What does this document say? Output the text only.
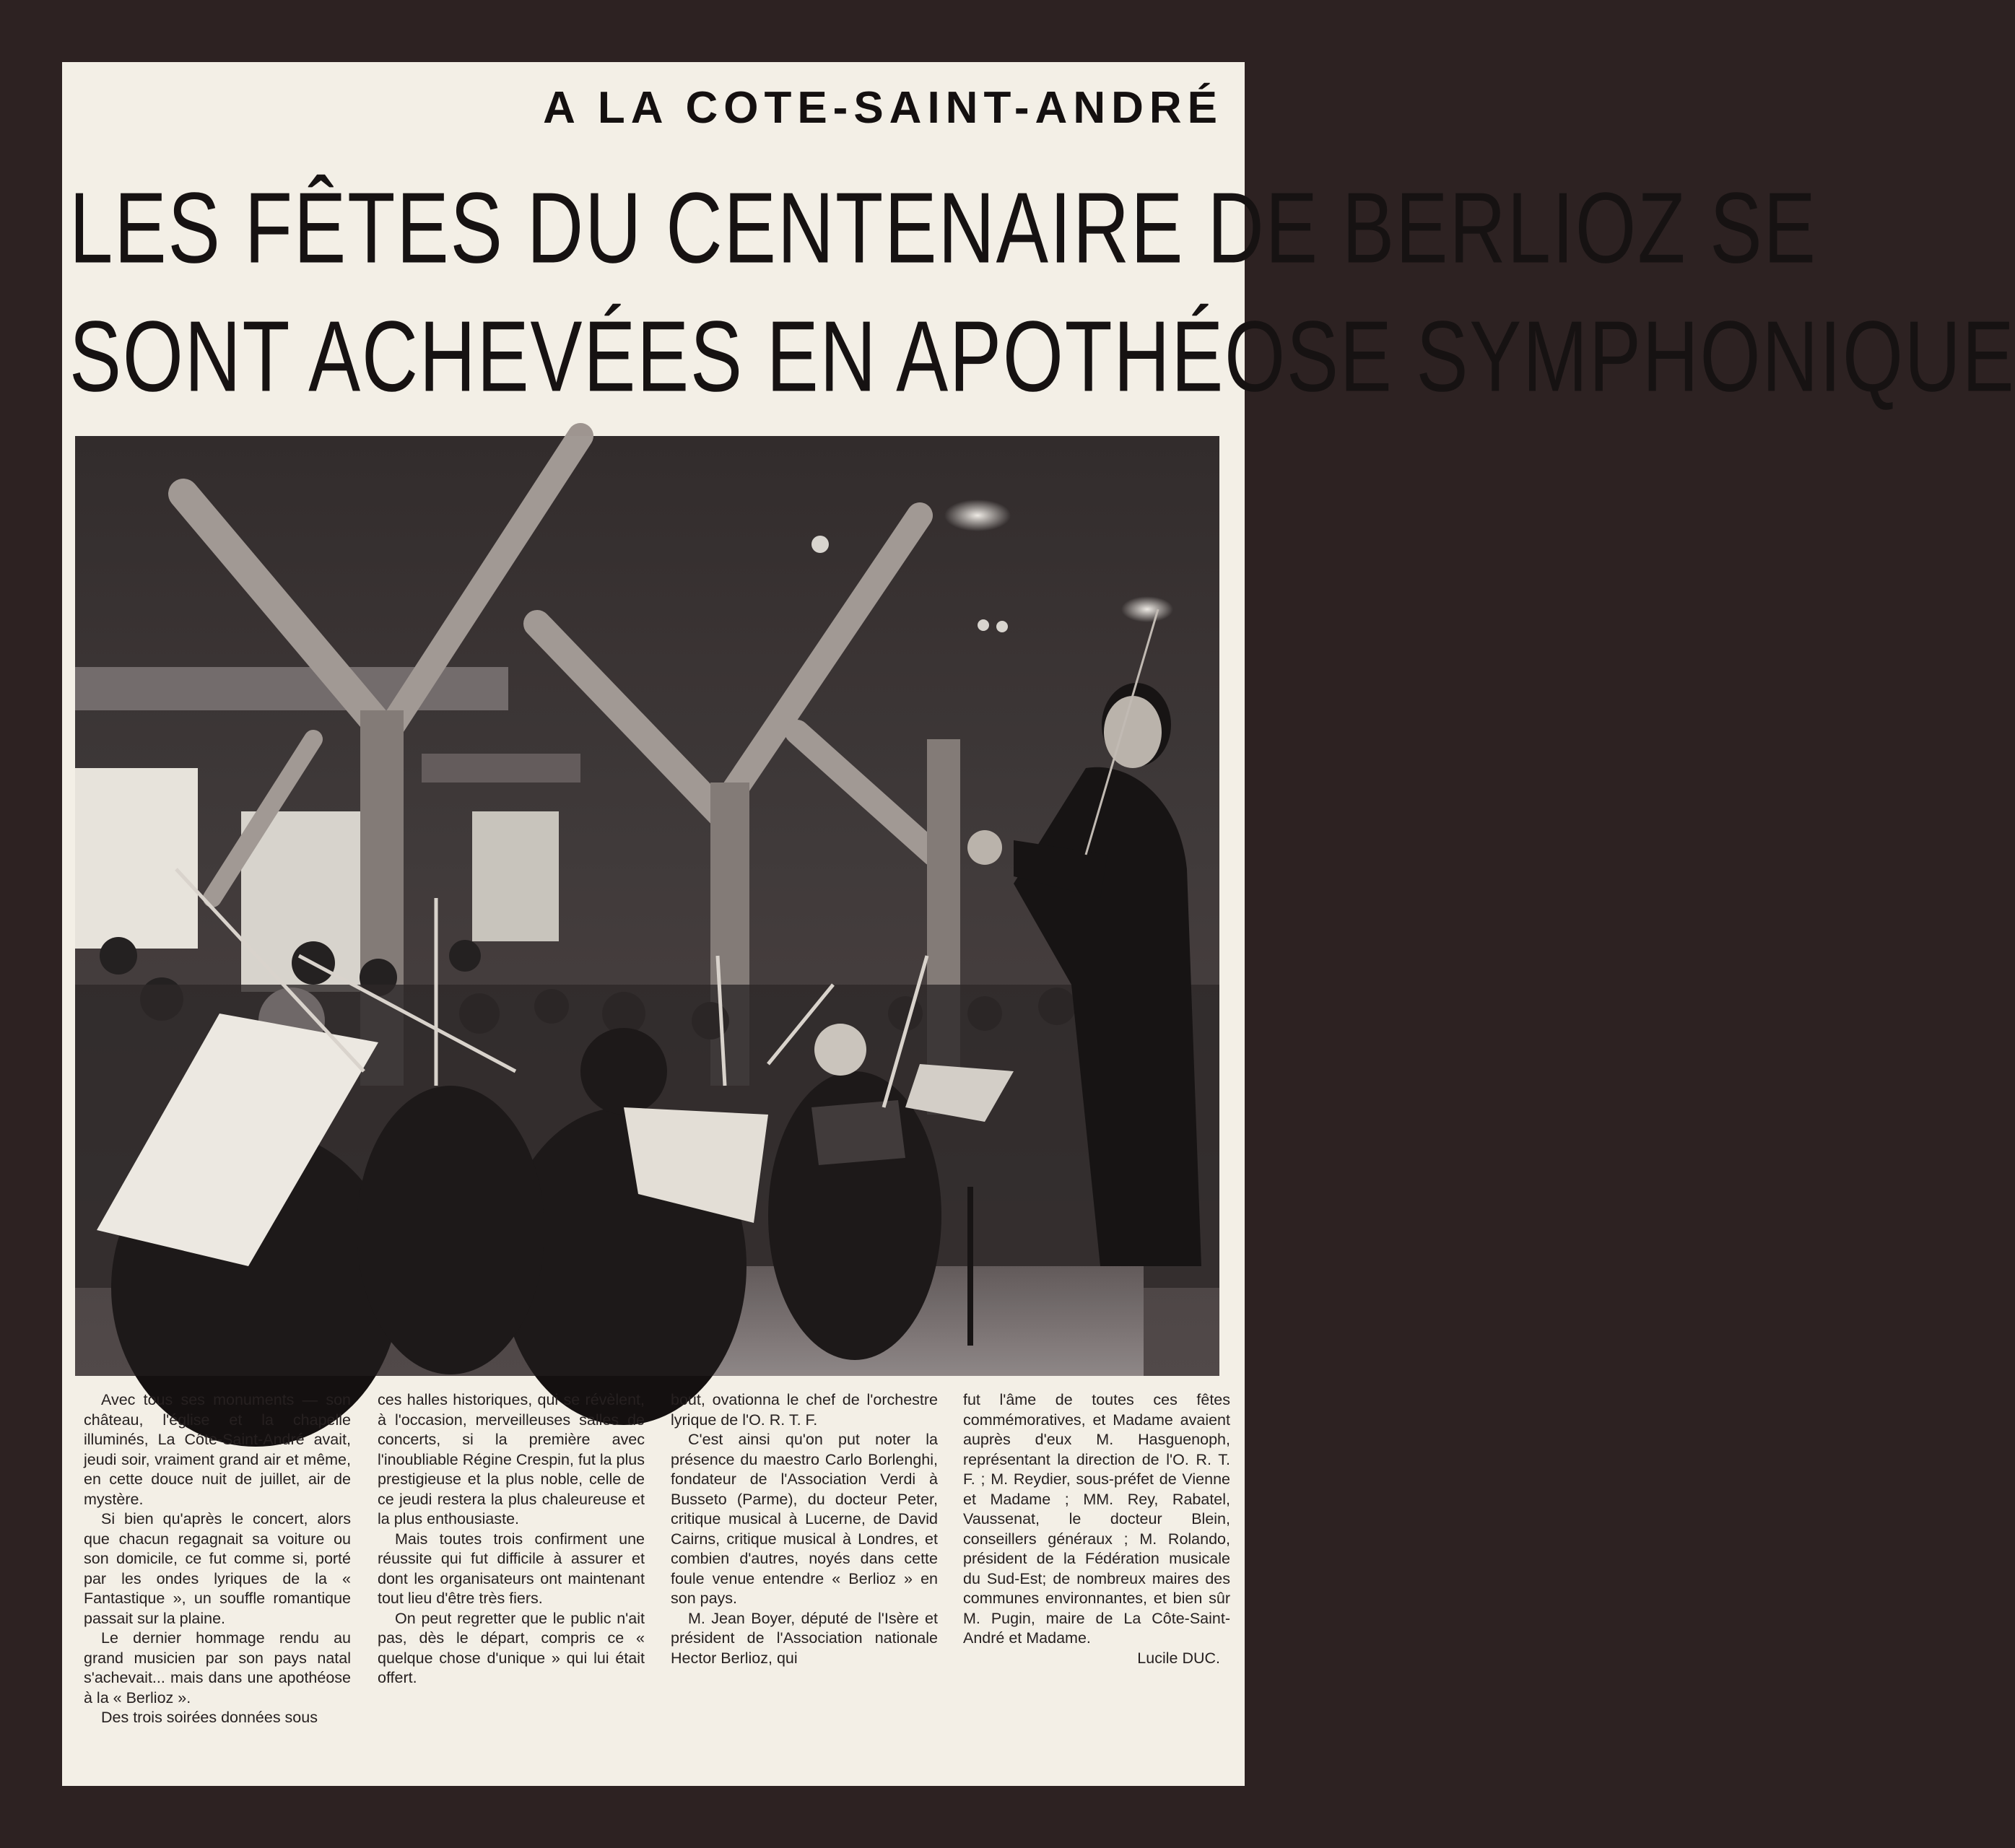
A LA COTE-SAINT-ANDRÉ
LES FÊTES DU CENTENAIRE DE BERLIOZ SE
SONT ACHEVÉES EN APOTHÉOSE SYMPHONIQUE

Avec tous ses monuments — son château, l'église et la chapelle illuminés, La Côte-Saint-André avait, jeudi soir, vraiment grand air et même, en cette douce nuit de juillet, air de mystère.

Si bien qu'après le concert, alors que chacun regagnait sa voiture ou son domicile, ce fut comme si, porté par les ondes lyriques de la « Fantastique », un souffle romantique passait sur la plaine.

Le dernier hommage rendu au grand musicien par son pays natal s'achevait... mais dans une apothéose à la « Berlioz ».

Des trois soirées données sous

ces halles historiques, qui se révèlent, à l'occasion, merveilleuses salles de concerts, si la première avec l'inoubliable Régine Crespin, fut la plus prestigieuse et la plus noble, celle de ce jeudi restera la plus chaleureuse et la plus enthousiaste.

Mais toutes trois confirment une réussite qui fut difficile à assurer et dont les organisateurs ont maintenant tout lieu d'être très fiers.

On peut regretter que le public n'ait pas, dès le départ, compris ce « quelque chose d'unique » qui lui était offert.

bout, ovationna le chef de l'orchestre lyrique de l'O. R. T. F.

C'est ainsi qu'on put noter la présence du maestro Carlo Borlenghi, fondateur de l'Association Verdi à Busseto (Parme), du docteur Peter, critique musical à Lucerne, de David Cairns, critique musical à Londres, et combien d'autres, noyés dans cette foule venue entendre « Berlioz » en son pays.

M. Jean Boyer, député de l'Isère et président de l'Association nationale Hector Berlioz, qui

fut l'âme de toutes ces fêtes commémoratives, et Madame avaient auprès d'eux M. Hasguenoph, représentant la direction de l'O. R. T. F. ; M. Reydier, sous-préfet de Vienne et Madame ; MM. Rey, Rabatel, Vaussenat, le docteur Blein, conseillers généraux ; M. Rolando, président de la Fédération musicale du Sud-Est; de nombreux maires des communes environnantes, et bien sûr M. Pugin, maire de La Côte-Saint-André et Madame.

Lucile DUC.
